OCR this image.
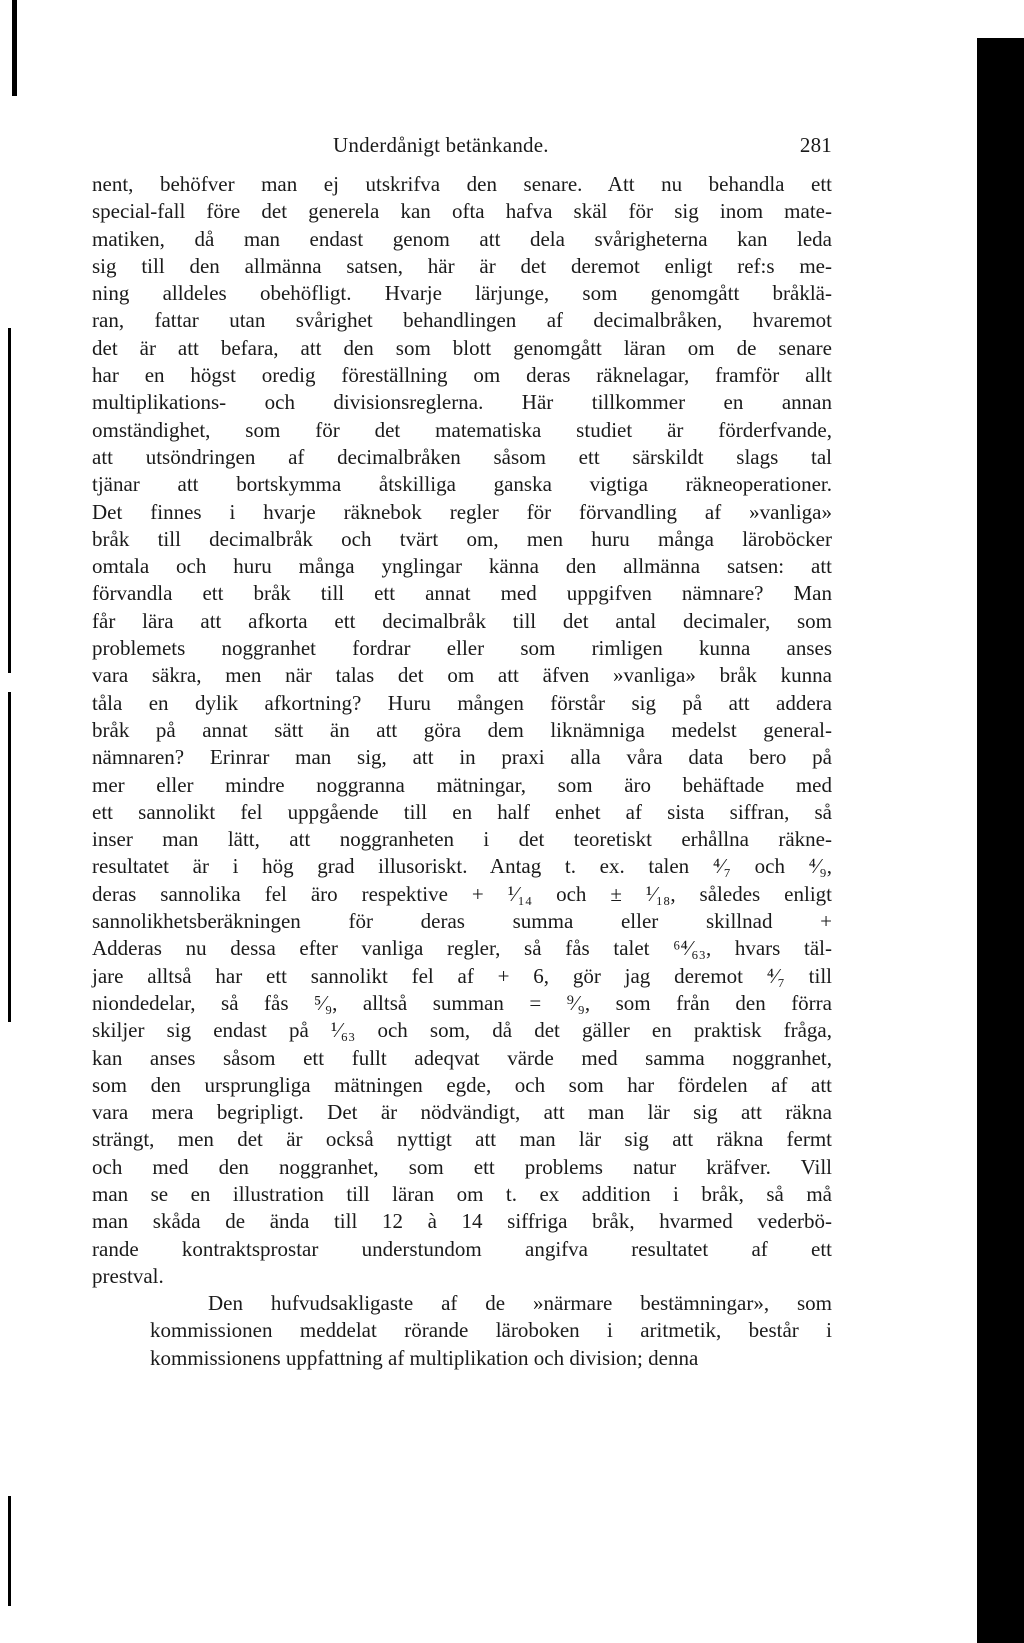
Underdånigt betänkande.	281
nent, behöfver man ej utskrifva den senare. Att nu behandla ett
special-fall före det generela kan ofta hafva skäl för sig inom mate-
matiken, då man endast genom att dela svårigheterna kan leda
sig till den allmänna satsen, här är det deremot enligt ref:s me-
ning alldeles obehöfligt. Hvarje lärjunge, som genomgått bråklä-
ran, fattar utan svårighet behandlingen af decimalbråken, hvaremot
det är att befara, att den som blott genomgått läran om de senare
har en högst oredig föreställning om deras räknelagar, framför allt
multiplikations- och divisionsreglerna. Här tillkommer en annan
omständighet, som för det matematiska studiet är förderfvande,
att utsöndringen af decimalbråken såsom ett särskildt slags tal
tjänar att bortskymma åtskilliga ganska vigtiga räkneoperationer.
Det finnes i hvarje räknebok regler för förvandling af »vanliga»
bråk till decimalbråk och tvärt om, men huru många läroböcker
omtala och huru många ynglingar känna den allmänna satsen: att
förvandla ett bråk till ett annat med uppgifven nämnare? Man
får lära att afkorta ett decimalbråk till det antal decimaler, som
problemets noggranhet fordrar eller som rimligen kunna anses
vara säkra, men när talas det om att äfven »vanliga» bråk kunna
tåla en dylik afkortning? Huru mången förstår sig på att addera
bråk på annat sätt än att göra dem liknämniga medelst general-
nämnaren? Erinrar man sig, att in praxi alla våra data bero på
mer eller mindre noggranna mätningar, som äro behäftade med
ett sannolikt fel uppgående till en half enhet af sista siffran, så
inser man lätt, att noggranheten i det teoretiskt erhållna räkne-
resultatet är i hög grad illusoriskt. Antag t. ex. talen ⁴⁄₇ och ⁴⁄₉,
deras sannolika fel äro respektive + ¹⁄₁₄ och ± ¹⁄₁₈, således enligt
sannolikhetsberäkningen för deras summa eller skillnad +
Adderas nu dessa efter vanliga regler, så fås talet ⁶⁴⁄₆₃, hvars täl-
jare alltså har ett sannolikt fel af + 6, gör jag deremot ⁴⁄₇ till
niondedelar, så fås ⁵⁄₉, alltså summan = ⁹⁄₉, som från den förra
skiljer sig endast på ¹⁄₆₃ och som, då det gäller en praktisk fråga,
kan anses såsom ett fullt adeqvat värde med samma noggranhet,
som den ursprungliga mätningen egde, och som har fördelen af att
vara mera begripligt. Det är nödvändigt, att man lär sig att räkna
strängt, men det är också nyttigt att man lär sig att räkna fermt
och med den noggranhet, som ett problems natur kräfver. Vill
man se en illustration till läran om t. ex addition i bråk, så må
man skåda de ända till 12 à 14 siffriga bråk, hvarmed vederbö-
rande kontraktsprostar understundom angifva resultatet af ett
prestval.
Den hufvudsakligaste af de »närmare bestämningar», som
kommissionen meddelat rörande läroboken i aritmetik, består i
kommissionens uppfattning af multiplikation och division; denna
